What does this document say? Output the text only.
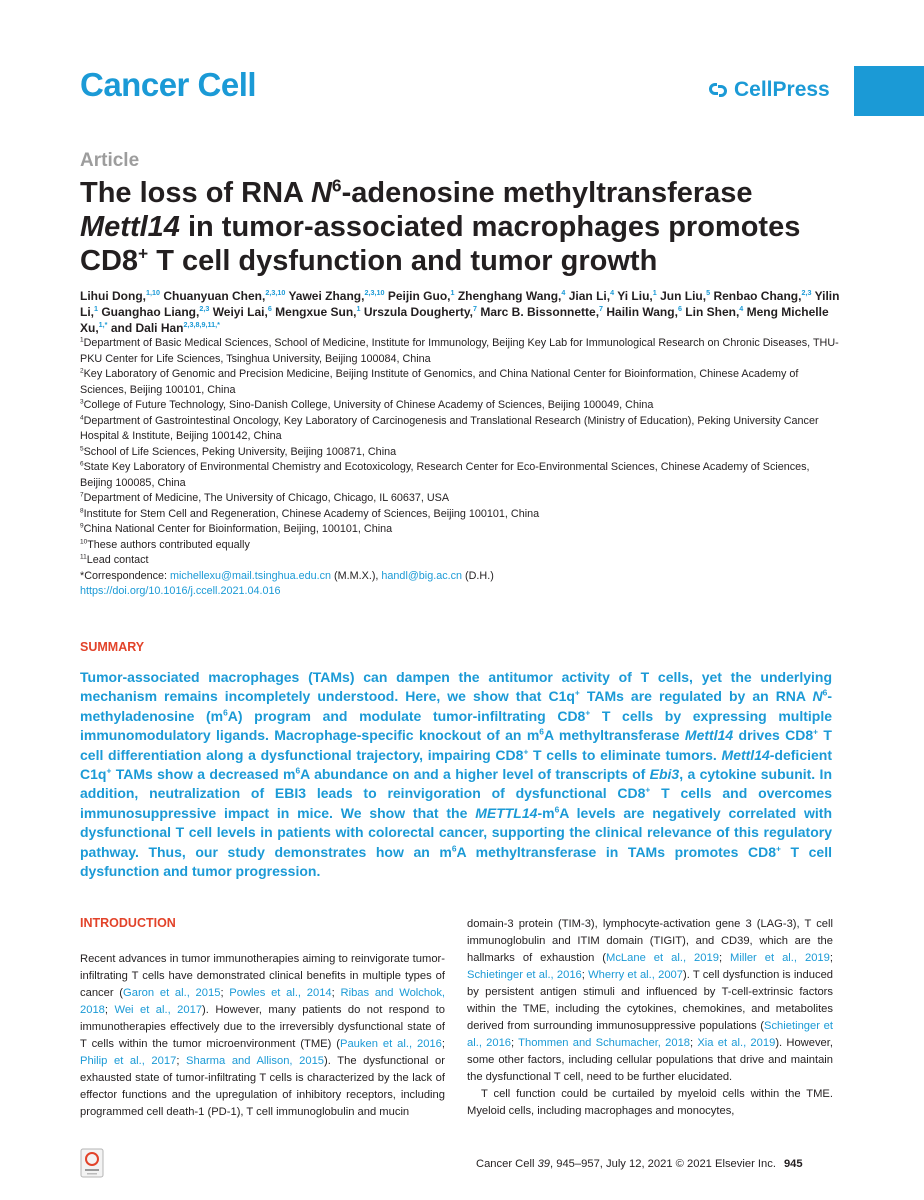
Cancer Cell	CellPress
Article
The loss of RNA $N^6$-adenosine methyltransferase
Mettl14 in tumor-associated macrophages promotes
CD8+ T cell dysfunction and tumor growth
Lihui Dong,$^{1,10}$ Chuanyuan Chen,$^{2,3,10}$ Yawei Zhang,$^{2,3,10}$ Peijin Guo,$^1$ Zhenghang Wang,$^4$ Jian Li,$^4$ Yi Liu,$^1$ Jun Liu,$^5$ Renbao Chang,$^{2,3}$ Yilin Li,$^1$ Guanghao Liang,$^{2,3}$ Weiyi Lai,$^6$ Mengxue Sun,$^1$ Urszula Dougherty,$^7$ Marc B. Bissonnette,$^7$ Hailin Wang,$^6$ Lin Shen,$^4$ Meng Michelle Xu,$^{1,*}$ and Dali Han$^{2,3,8,9,11,*}$

$^1$Department of Basic Medical Sciences, School of Medicine, Institute for Immunology, Beijing Key Lab for Immunological Research on Chronic Diseases, THU-PKU Center for Life Sciences, Tsinghua University, Beijing 100084, China

$^2$Key Laboratory of Genomic and Precision Medicine, Beijing Institute of Genomics, and China National Center for Bioinformation, Chinese Academy of Sciences, Beijing 100101, China

$^3$College of Future Technology, Sino-Danish College, University of Chinese Academy of Sciences, Beijing 100049, China

$^4$Department of Gastrointestinal Oncology, Key Laboratory of Carcinogenesis and Translational Research (Ministry of Education), Peking University Cancer Hospital & Institute, Beijing 100142, China

$^5$School of Life Sciences, Peking University, Beijing 100871, China

$^6$State Key Laboratory of Environmental Chemistry and Ecotoxicology, Research Center for Eco-Environmental Sciences, Chinese Academy of Sciences, Beijing 100085, China

$^7$Department of Medicine, The University of Chicago, Chicago, IL 60637, USA

$^8$Institute for Stem Cell and Regeneration, Chinese Academy of Sciences, Beijing 100101, China

$^9$China National Center for Bioinformation, Beijing, 100101, China

$^{10}$These authors contributed equally

$^{11}$Lead contact

*Correspondence: michellexu@mail.tsinghua.edu.cn (M.M.X.), handl@big.ac.cn (D.H.)

https://doi.org/10.1016/j.ccell.2021.04.016

SUMMARY
Tumor-associated macrophages (TAMs) can dampen the antitumor activity of T cells, yet the underlying mechanism remains incompletely understood. Here, we show that C1q+ TAMs are regulated by an RNA $N^6$-methyladenosine $(m^6A)$ program and modulate tumor-infiltrating CD8+ T cells by expressing multiple immunomodulatory ligands. Macrophage-specific knockout of an $m^6A$ methyltransferase Mettl14 drives CD8+ T cell differentiation along a dysfunctional trajectory, impairing CD8+ T cells to eliminate tumors. Mettl14-deficient C1q+ TAMs show a decreased $m^6A$ abundance on and a higher level of transcripts of Ebi3, a cytokine subunit. In addition, neutralization of EBI3 leads to reinvigoration of dysfunctional CD8+ T cells and overcomes immunosuppressive impact in mice. We show that the $METTL14-m^6A$ levels are negatively correlated with dysfunctional T cell levels in patients with colorectal cancer, supporting the clinical relevance of this regulatory pathway. Thus, our study demonstrates how an $m^6A$ methyltransferase in TAMs promotes CD8+ T cell dysfunction and tumor progression.
INTRODUCTION
Recent advances in tumor immunotherapies aiming to reinvigorate tumor-infiltrating T cells have demonstrated clinical benefits in multiple types of cancer (Garon et al., 2015; Powles et al., 2014; Ribas and Wolchok, 2018; Wei et al., 2017). However, many patients do not respond to immunotherapies effectively due to the irreversibly dysfunctional state of T cells within the tumor microenvironment (TME) (Pauken et al., 2016; Philip et al., 2017; Sharma and Allison, 2015). The dysfunctional or exhausted state of tumor-infiltrating T cells is characterized by the lack of effector functions and the upregulation of inhibitory receptors, including programmed cell death-1 (PD-1), T cell immunoglobulin and mucin

domain-3 protein (TIM-3), lymphocyte-activation gene 3 (LAG-3), T cell immunoglobulin and ITIM domain (TIGIT), and CD39, which are the hallmarks of exhaustion (McLane et al., 2019; Miller et al., 2019; Schietinger et al., 2016; Wherry et al., 2007). T cell dysfunction is induced by persistent antigen stimuli and influenced by T-cell-extrinsic factors within the TME, including the cytokines, chemokines, and metabolites derived from surrounding immunosuppressive populations (Schietinger et al., 2016; Thommen and Schumacher, 2018; Xia et al., 2019). However, some other factors, including cellular populations that drive and maintain the dysfunctional T cell, need to be further elucidated.

T cell function could be curtailed by myeloid cells within the TME. Myeloid cells, including macrophages and monocytes,

Cancer Cell 39, 945–957, July 12, 2021 © 2021 Elsevier Inc. 945
